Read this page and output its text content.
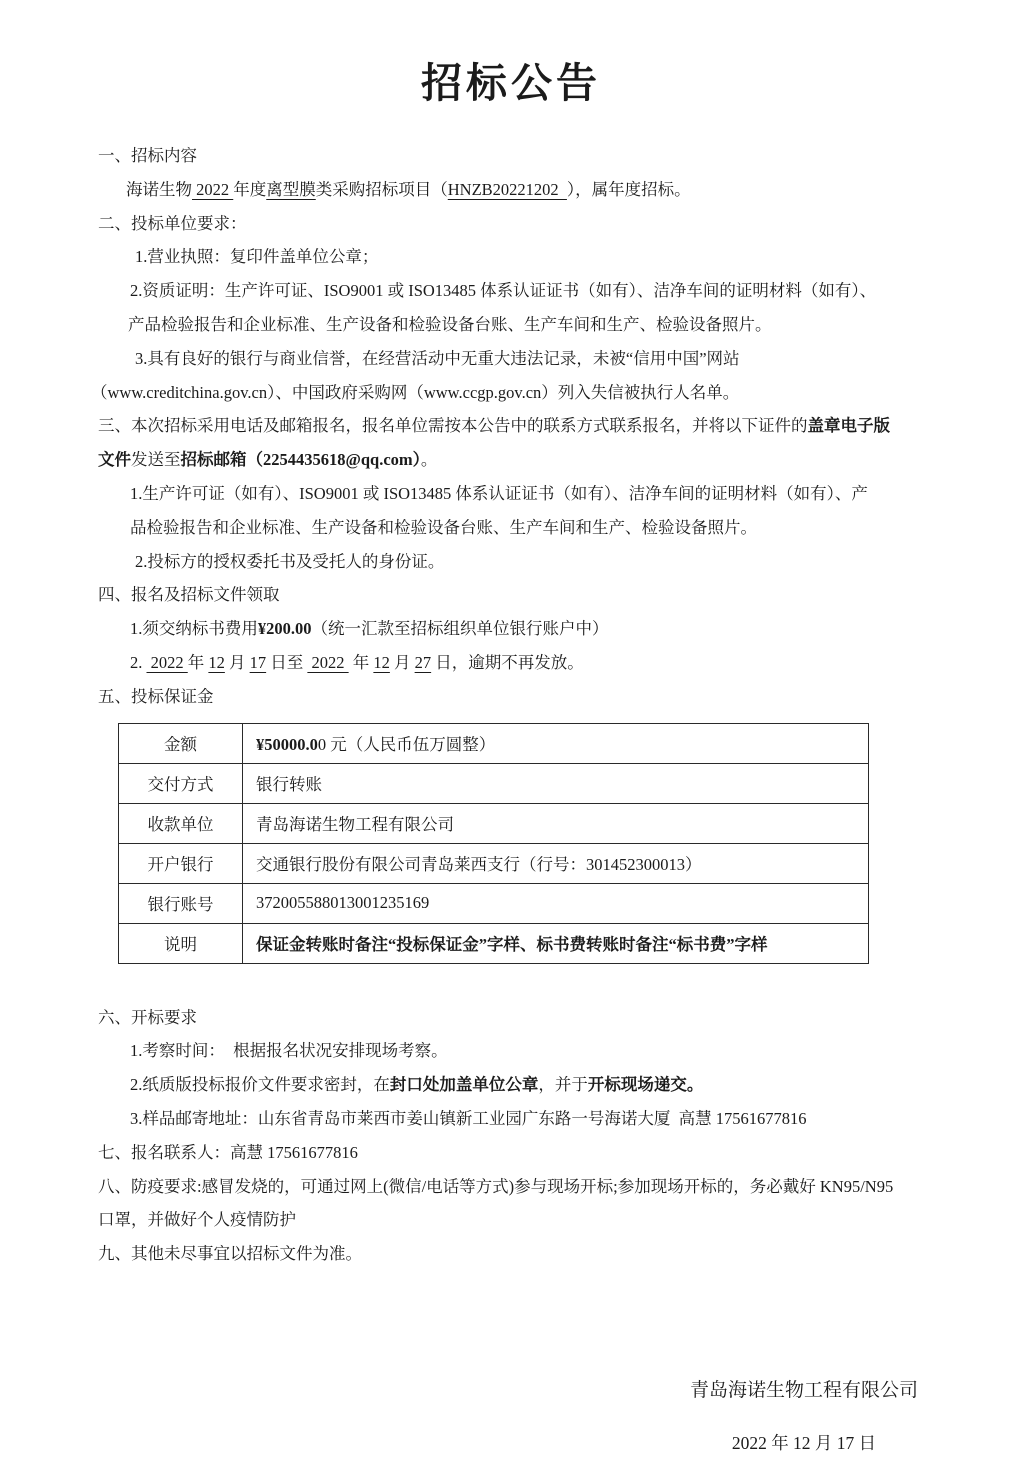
招标公告
一、招标内容
海诺生物 2022 年度离型膜类采购招标项目（HNZB20221202  ），属年度招标。
二、投标单位要求：
1.营业执照：复印件盖单位公章；
2.资质证明：生产许可证、ISO9001 或 ISO13485 体系认证证书（如有）、洁净车间的证明材料（如有）、
产品检验报告和企业标准、生产设备和检验设备台账、生产车间和生产、检验设备照片。
3.具有良好的银行与商业信誉，在经营活动中无重大违法记录，未被“信用中国”网站
（www.creditchina.gov.cn）、中国政府采购网（www.ccgp.gov.cn）列入失信被执行人名单。
三、本次招标采用电话及邮箱报名，报名单位需按本公告中的联系方式联系报名，并将以下证件的盖章电子版
文件发送至招标邮箱（2254435618@qq.com）。
1.生产许可证（如有）、ISO9001 或 ISO13485 体系认证证书（如有）、洁净车间的证明材料（如有）、产
品检验报告和企业标准、生产设备和检验设备台账、生产车间和生产、检验设备照片。
2.投标方的授权委托书及受托人的身份证。
四、报名及招标文件领取
1.须交纳标书费用¥200.00（统一汇款至招标组织单位银行账户中）
2.  2022 年 12 月 17 日至  2022  年 12 月 27 日，逾期不再发放。
五、投标保证金
金额	¥50000.00 元（人民币伍万圆整）
交付方式	银行转账
收款单位	青岛海诺生物工程有限公司
开户银行	交通银行股份有限公司青岛莱西支行（行号：301452300013）
银行账号	372005588013001235169
说明	保证金转账时备注“投标保证金”字样、标书费转账时备注“标书费”字样
六、开标要求
1.考察时间：  根据报名状况安排现场考察。
2.纸质版投标报价文件要求密封，在封口处加盖单位公章，并于开标现场递交。
3.样品邮寄地址：山东省青岛市莱西市姜山镇新工业园广东路一号海诺大厦  高慧 17561677816
七、报名联系人：高慧 17561677816
八、防疫要求:感冒发烧的，可通过网上(微信/电话等方式)参与现场开标;参加现场开标的，务必戴好 KN95/N95
口罩，并做好个人疫情防护
九、其他未尽事宜以招标文件为准。
青岛海诺生物工程有限公司
2022 年 12 月 17 日
